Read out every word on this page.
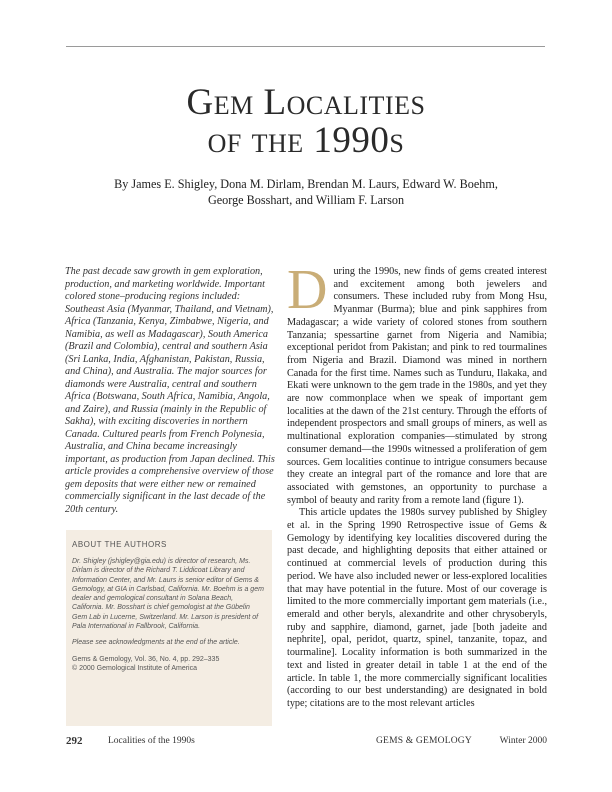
Gem Localities
of the 1990s
By James E. Shigley, Dona M. Dirlam, Brendan M. Laurs, Edward W. Boehm,
George Bosshart, and William F. Larson
The past decade saw growth in gem exploration, production, and marketing worldwide. Important colored stone–producing regions included: Southeast Asia (Myanmar, Thailand, and Vietnam), Africa (Tanzania, Kenya, Zimbabwe, Nigeria, and Namibia, as well as Madagascar), South America (Brazil and Colombia), central and southern Asia (Sri Lanka, India, Afghanistan, Pakistan, Russia, and China), and Australia. The major sources for diamonds were Australia, central and southern Africa (Botswana, South Africa, Namibia, Angola, and Zaire), and Russia (mainly in the Republic of Sakha), with exciting discoveries in northern Canada. Cultured pearls from French Polynesia, Australia, and China became increasingly important, as production from Japan declined. This article provides a comprehensive overview of those gem deposits that were either new or remained commercially significant in the last decade of the 20th century.
ABOUT THE AUTHORS

Dr. Shigley (jshigley@gia.edu) is director of research, Ms. Dirlam is director of the Richard T. Liddicoat Library and Information Center, and Mr. Laurs is senior editor of Gems & Gemology, at GIA in Carlsbad, California. Mr. Boehm is a gem dealer and gemological consultant in Solana Beach, California. Mr. Bosshart is chief gemologist at the Gübelin Gem Lab in Lucerne, Switzerland. Mr. Larson is president of Pala International in Fallbrook, California.

Please see acknowledgments at the end of the article.

Gems & Gemology, Vol. 36, No. 4, pp. 292–335
© 2000 Gemological Institute of America

During the 1990s, new finds of gems created interest and excitement among both jewelers and consumers. These included ruby from Mong Hsu, Myanmar (Burma); blue and pink sapphires from Madagascar; a wide variety of colored stones from southern Tanzania; spessartine garnet from Nigeria and Namibia; exceptional peridot from Pakistan; and pink to red tourmalines from Nigeria and Brazil. Diamond was mined in northern Canada for the first time. Names such as Tunduru, Ilakaka, and Ekati were unknown to the gem trade in the 1980s, and yet they are now commonplace when we speak of important gem localities at the dawn of the 21st century. Through the efforts of independent prospectors and small groups of miners, as well as multinational exploration companies—stimulated by strong consumer demand—the 1990s witnessed a proliferation of gem sources. Gem localities continue to intrigue consumers because they create an integral part of the romance and lore that are associated with gemstones, an opportunity to purchase a symbol of beauty and rarity from a remote land (figure 1).

This article updates the 1980s survey published by Shigley et al. in the Spring 1990 Retrospective issue of Gems & Gemology by identifying key localities discovered during the past decade, and highlighting deposits that either attained or continued at commercial levels of production during this period. We have also included newer or less-explored localities that may have potential in the future. Most of our coverage is limited to the more commercially important gem materials (i.e., emerald and other beryls, alexandrite and other chrysoberyls, ruby and sapphire, diamond, garnet, jade [both jadeite and nephrite], opal, peridot, quartz, spinel, tanzanite, topaz, and tourmaline]. Locality information is both summarized in the text and listed in greater detail in table 1 at the end of the article. In table 1, the more commercially significant localities (according to our best understanding) are designated in bold type; citations are to the most relevant articles

292	Localities of the 1990s	GEMS & GEMOLOGY	Winter 2000
